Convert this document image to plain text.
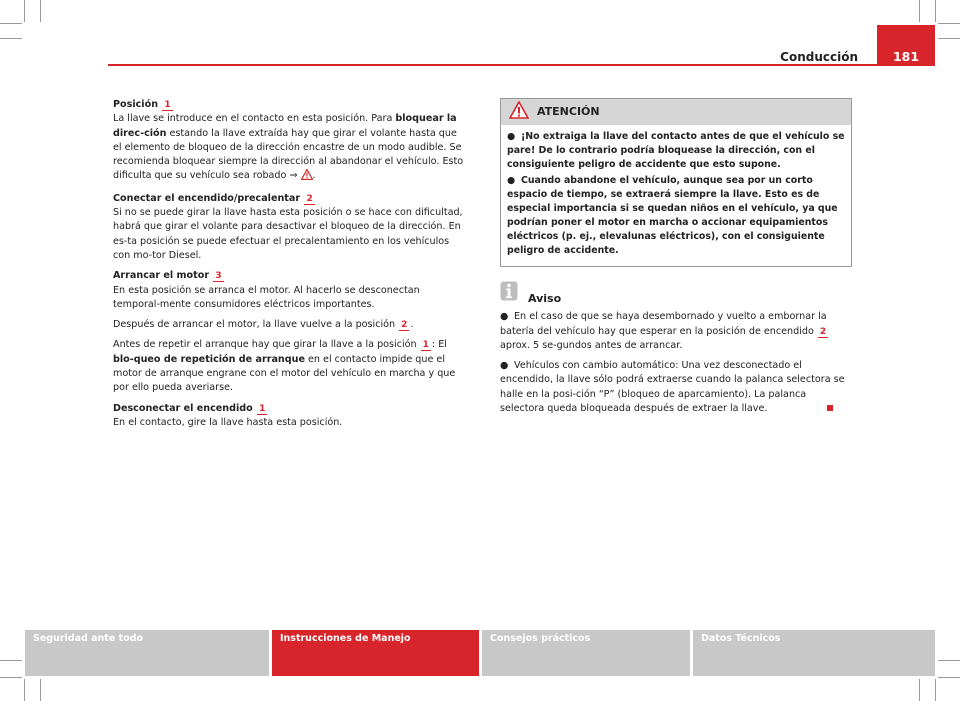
Conducción	181

Posición 1

La llave se introduce en el contacto en esta posición. Para bloquear la direc-ción estando la llave extraída hay que girar el volante hasta que el elemento de bloqueo de la dirección encastre de un modo audible. Se recomienda bloquear siempre la dirección al abandonar el vehículo. Esto dificulta que su vehículo sea robado ⇒ .

Conectar el encendido/precalentar 2

Si no se puede girar la llave hasta esta posición o se hace con dificultad, habrá que girar el volante para desactivar el bloqueo de la dirección. En es-ta posición se puede efectuar el precalentamiento en los vehículos con mo-tor Diesel.

Arrancar el motor 3

En esta posición se arranca el motor. Al hacerlo se desconectan temporal-mente consumidores eléctricos importantes.

Después de arrancar el motor, la llave vuelve a la posición 2 .

Antes de repetir el arranque hay que girar la llave a la posición 1 : El blo-queo de repetición de arranque en el contacto impide que el motor de arranque engrane con el motor del vehículo en marcha y que por ello pueda averiarse.

Desconectar el encendido 1

En el contacto, gire la llave hasta esta posición.

ATENCIÓN

● ¡No extraiga la llave del contacto antes de que el vehículo se pare! De lo contrario podría bloquease la dirección, con el consiguiente peligro de accidente que esto supone.

● Cuando abandone el vehículo, aunque sea por un corto espacio de tiempo, se extraerá siempre la llave. Esto es de especial importancia si se quedan niños en el vehículo, ya que podrían poner el motor en marcha o accionar equipamientos eléctricos (p. ej., elevalunas eléctricos), con el consiguiente peligro de accidente.

Aviso

● En el caso de que se haya desembornado y vuelto a embornar la batería del vehículo hay que esperar en la posición de encendido 2 aprox. 5 se-gundos antes de arrancar.

● Vehículos con cambio automático: Una vez desconectado el encendido, la llave sólo podrá extraerse cuando la palanca selectora se halle en la posi-ción “P” (bloqueo de aparcamiento). La palanca selectora queda bloqueada después de extraer la llave.

Seguridad ante todo	Instrucciones de Manejo	Consejos prácticos	Datos Técnicos
